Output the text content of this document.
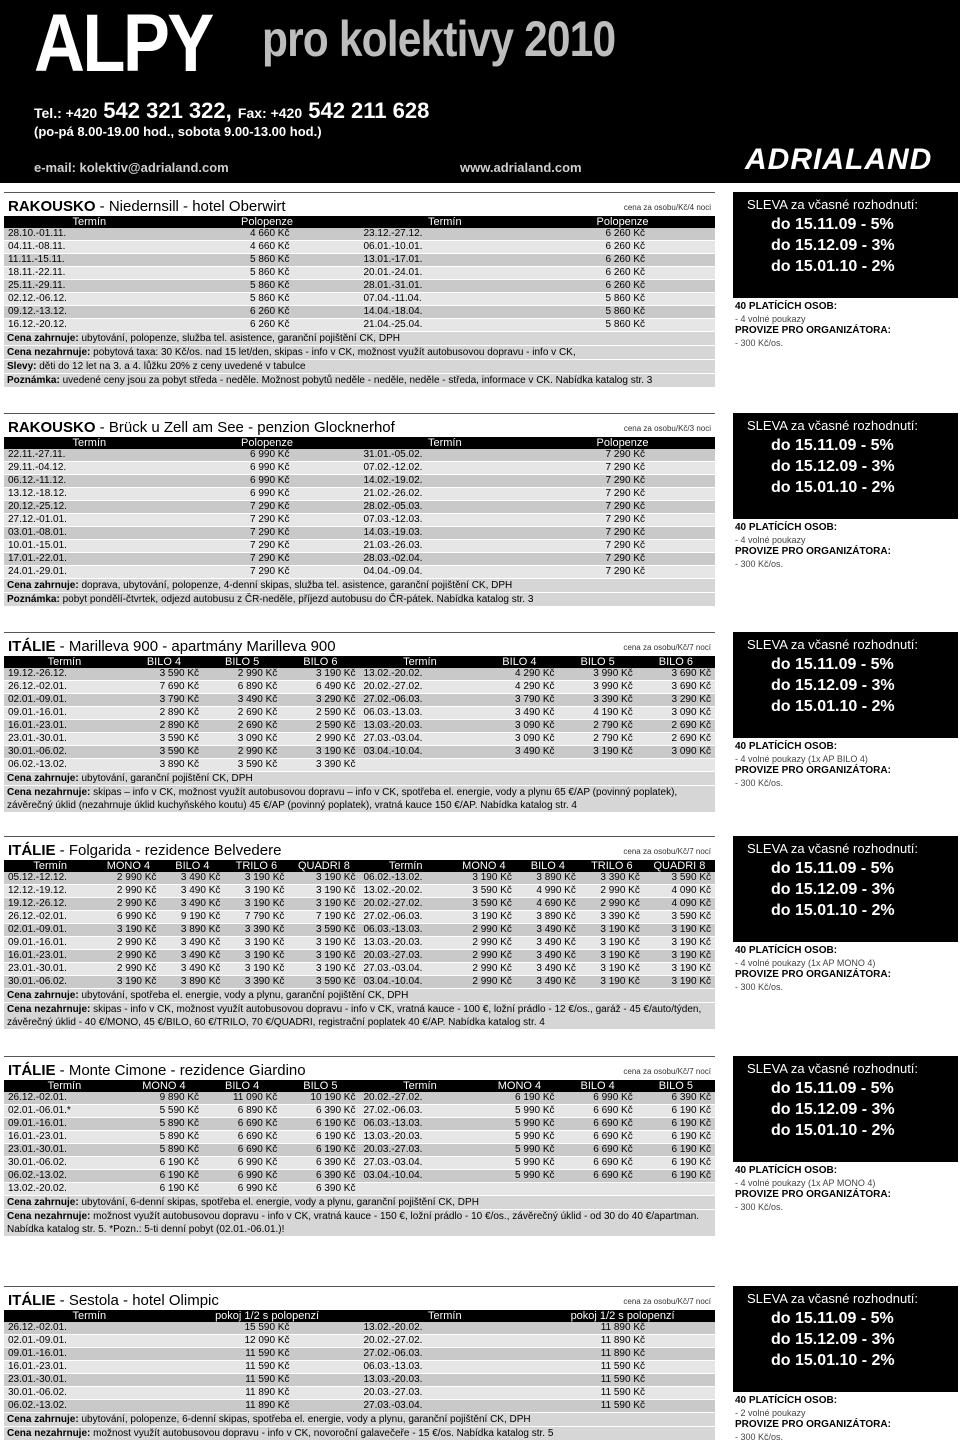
ALPY pro kolektivy 2010
Tel.: +420 542 321 322, Fax: +420 542 211 628
(po-pá 8.00-19.00 hod., sobota 9.00-13.00 hod.)
e-mail: kolektiv@adrialand.com	www.adrialand.com	ADRIALAND
RAKOUSKO - Niedernsill - hotel Oberwirt	cena za osobu/Kč/4 noci
Termín	Polopenze	Termín	Polopenze
28.10.-01.11.	4 660 Kč	23.12.-27.12.	6 260 Kč
04.11.-08.11.	4 660 Kč	06.01.-10.01.	6 260 Kč
11.11.-15.11.	5 860 Kč	13.01.-17.01.	6 260 Kč
18.11.-22.11.	5 860 Kč	20.01.-24.01.	6 260 Kč
25.11.-29.11.	5 860 Kč	28.01.-31.01.	6 260 Kč
02.12.-06.12.	5 860 Kč	07.04.-11.04.	5 860 Kč
09.12.-13.12.	6 260 Kč	14.04.-18.04.	5 860 Kč
16.12.-20.12.	6 260 Kč	21.04.-25.04.	5 860 Kč
Cena zahrnuje: ubytování, polopenze, služba tel. asistence, garanční pojištění CK, DPH
Cena nezahrnuje: pobytová taxa: 30 Kč/os. nad 15 let/den, skipas - info v CK, možnost využít autobusovou dopravu - info v CK,
Slevy: děti do 12 let na 3. a 4. lůžku 20% z ceny uvedené v tabulce
Poznámka: uvedené ceny jsou za pobyt středa - neděle. Možnost pobytů neděle - neděle, neděle - středa, informace v CK. Nabídka katalog str. 3
SLEVA za včasné rozhodnutí:
do 15.11.09 - 5%
do 15.12.09 - 3%
do 15.01.10 - 2%
40 PLATÍCÍCH OSOB:
- 4 volné poukazy
PROVIZE PRO ORGANIZÁTORA:
- 300 Kč/os.
RAKOUSKO - Brück u Zell am See - penzion Glocknerhof	cena za osobu/Kč/3 noci
Termín	Polopenze	Termín	Polopenze
22.11.-27.11.	6 990 Kč	31.01.-05.02.	7 290 Kč
29.11.-04.12.	6 990 Kč	07.02.-12.02.	7 290 Kč
06.12.-11.12.	6 990 Kč	14.02.-19.02.	7 290 Kč
13.12.-18.12.	6 990 Kč	21.02.-26.02.	7 290 Kč
20.12.-25.12.	7 290 Kč	28.02.-05.03.	7 290 Kč
27.12.-01.01.	7 290 Kč	07.03.-12.03.	7 290 Kč
03.01.-08.01.	7 290 Kč	14.03.-19.03.	7 290 Kč
10.01.-15.01.	7 290 Kč	21.03.-26.03.	7 290 Kč
17.01.-22.01.	7 290 Kč	28.03.-02.04.	7 290 Kč
24.01.-29.01.	7 290 Kč	04.04.-09.04.	7 290 Kč
Cena zahrnuje: doprava, ubytování, polopenze, 4-denní skipas, služba tel. asistence, garanční pojištění CK, DPH
Poznámka: pobyt pondělí-čtvrtek, odjezd autobusu z ČR-neděle, příjezd autobusu do ČR-pátek. Nabídka katalog str. 3
SLEVA za včasné rozhodnutí:
do 15.11.09 - 5%
do 15.12.09 - 3%
do 15.01.10 - 2%
40 PLATÍCÍCH OSOB:
- 4 volné poukazy
PROVIZE PRO ORGANIZÁTORA:
- 300 Kč/os.
ITÁLIE - Marilleva 900 - apartmány Marilleva 900	cena za osobu/Kč/7 nocí
Termín	BILO 4	BILO 5	BILO 6	Termín	BILO 4	BILO 5	BILO 6
19.12.-26.12.	3 590 Kč	2 990 Kč	3 190 Kč	13.02.-20.02.	4 290 Kč	3 990 Kč	3 690 Kč
26.12.-02.01.	7 690 Kč	6 890 Kč	6 490 Kč	20.02.-27.02.	4 290 Kč	3 990 Kč	3 690 Kč
02.01.-09.01.	3 790 Kč	3 490 Kč	3 290 Kč	27.02.-06.03.	3 790 Kč	3 390 Kč	3 290 Kč
09.01.-16.01.	2 890 Kč	2 690 Kč	2 590 Kč	06.03.-13.03.	3 490 Kč	4 190 Kč	3 090 Kč
16.01.-23.01.	2 890 Kč	2 690 Kč	2 590 Kč	13.03.-20.03.	3 090 Kč	2 790 Kč	2 690 Kč
23.01.-30.01.	3 590 Kč	3 090 Kč	2 990 Kč	27.03.-03.04.	3 090 Kč	2 790 Kč	2 690 Kč
30.01.-06.02.	3 590 Kč	2 990 Kč	3 190 Kč	03.04.-10.04.	3 490 Kč	3 190 Kč	3 090 Kč
06.02.-13.02.	3 890 Kč	3 590 Kč	3 390 Kč				
Cena zahrnuje: ubytování, garanční pojištění CK, DPH
Cena nezahrnuje: skipas – info v CK, možnost využít autobusovou dopravu – info v CK, spotřeba el. energie, vody a plynu 65 €/AP (povinný poplatek), závěrečný úklid (nezahrnuje úklid kuchyňského koutu) 45 €/AP (povinný poplatek), vratná kauce 150 €/AP. Nabídka katalog str. 4
SLEVA za včasné rozhodnutí:
do 15.11.09 - 5%
do 15.12.09 - 3%
do 15.01.10 - 2%
40 PLATÍCÍCH OSOB:
- 4 volné poukazy (1x AP BILO 4)
PROVIZE PRO ORGANIZÁTORA:
- 300 Kč/os.
ITÁLIE - Folgarida - rezidence Belvedere	cena za osobu/Kč/7 nocí
Termín	MONO 4	BILO 4	TRILO 6	QUADRI 8	Termín	MONO 4	BILO 4	TRILO 6	QUADRI 8
05.12.-12.12.	2 990 Kč	3 490 Kč	3 190 Kč	3 190 Kč	06.02.-13.02.	3 190 Kč	3 890 Kč	3 390 Kč	3 590 Kč
12.12.-19.12.	2 990 Kč	3 490 Kč	3 190 Kč	3 190 Kč	13.02.-20.02.	3 590 Kč	4 990 Kč	2 990 Kč	4 090 Kč
19.12.-26.12.	2 990 Kč	3 490 Kč	3 190 Kč	3 190 Kč	20.02.-27.02.	3 590 Kč	4 690 Kč	2 990 Kč	4 090 Kč
26.12.-02.01.	6 990 Kč	9 190 Kč	7 790 Kč	7 190 Kč	27.02.-06.03.	3 190 Kč	3 890 Kč	3 390 Kč	3 590 Kč
02.01.-09.01.	3 190 Kč	3 890 Kč	3 390 Kč	3 590 Kč	06.03.-13.03.	2 990 Kč	3 490 Kč	3 190 Kč	3 190 Kč
09.01.-16.01.	2 990 Kč	3 490 Kč	3 190 Kč	3 190 Kč	13.03.-20.03.	2 990 Kč	3 490 Kč	3 190 Kč	3 190 Kč
16.01.-23.01.	2 990 Kč	3 490 Kč	3 190 Kč	3 190 Kč	20.03.-27.03.	2 990 Kč	3 490 Kč	3 190 Kč	3 190 Kč
23.01.-30.01.	2 990 Kč	3 490 Kč	3 190 Kč	3 190 Kč	27.03.-03.04.	2 990 Kč	3 490 Kč	3 190 Kč	3 190 Kč
30.01.-06.02.	3 190 Kč	3 890 Kč	3 390 Kč	3 590 Kč	03.04.-10.04.	2 990 Kč	3 490 Kč	3 190 Kč	3 190 Kč
Cena zahrnuje: ubytování, spotřeba el. energie, vody a plynu, garanční pojištění CK, DPH
Cena nezahrnuje: skipas - info v CK, možnost využít autobusovou dopravu - info v CK, vratná kauce - 100 €, ložní prádlo - 12 €/os., garáž - 45 €/auto/týden, závěrečný úklid - 40 €/MONO, 45 €/BILO, 60 €/TRILO, 70 €/QUADRI, registrační poplatek 40 €/AP. Nabídka katalog str. 4
SLEVA za včasné rozhodnutí:
do 15.11.09 - 5%
do 15.12.09 - 3%
do 15.01.10 - 2%
40 PLATÍCÍCH OSOB:
- 4 volné poukazy (1x AP MONO 4)
PROVIZE PRO ORGANIZÁTORA:
- 300 Kč/os.
ITÁLIE - Monte Cimone - rezidence Giardino	cena za osobu/Kč/7 nocí
Termín	MONO 4	BILO 4	BILO 5	Termín	MONO 4	BILO 4	BILO 5
26.12.-02.01.	9 890 Kč	11 090 Kč	10 190 Kč	20.02.-27.02.	6 190 Kč	6 990 Kč	6 390 Kč
02.01.-06.01.*	5 590 Kč	6 890 Kč	6 390 Kč	27.02.-06.03.	5 990 Kč	6 690 Kč	6 190 Kč
09.01.-16.01.	5 890 Kč	6 690 Kč	6 190 Kč	06.03.-13.03.	5 990 Kč	6 690 Kč	6 190 Kč
16.01.-23.01.	5 890 Kč	6 690 Kč	6 190 Kč	13.03.-20.03.	5 990 Kč	6 690 Kč	6 190 Kč
23.01.-30.01.	5 890 Kč	6 690 Kč	6 190 Kč	20.03.-27.03.	5 990 Kč	6 690 Kč	6 190 Kč
30.01.-06.02.	6 190 Kč	6 990 Kč	6 390 Kč	27.03.-03.04.	5 990 Kč	6 690 Kč	6 190 Kč
06.02.-13.02.	6 190 Kč	6 990 Kč	6 390 Kč	03.04.-10.04.	5 990 Kč	6 690 Kč	6 190 Kč
13.02.-20.02.	6 190 Kč	6 990 Kč	6 390 Kč				
Cena zahrnuje: ubytování, 6-denní skipas, spotřeba el. energie, vody a plynu, garanční pojištění CK, DPH
Cena nezahrnuje: možnost využít autobusovou dopravu - info v CK, vratná kauce - 150 €, ložní prádlo - 10 €/os., závěrečný úklid - od 30 do 40 €/apartman. Nabídka katalog str. 5. *Pozn.: 5-ti denní pobyt (02.01.-06.01.)!
SLEVA za včasné rozhodnutí:
do 15.11.09 - 5%
do 15.12.09 - 3%
do 15.01.10 - 2%
40 PLATÍCÍCH OSOB:
- 4 volné poukazy (1x AP MONO 4)
PROVIZE PRO ORGANIZÁTORA:
- 300 Kč/os.
ITÁLIE - Sestola - hotel Olimpic	cena za osobu/Kč/7 nocí
Termín	pokoj 1/2 s polopenzí	Termín	pokoj 1/2 s polopenzí
26.12.-02.01.	15 590 Kč	13.02.-20.02.	11 890 Kč
02.01.-09.01.	12 090 Kč	20.02.-27.02.	11 890 Kč
09.01.-16.01.	11 590 Kč	27.02.-06.03.	11 890 Kč
16.01.-23.01.	11 590 Kč	06.03.-13.03.	11 590 Kč
23.01.-30.01.	11 590 Kč	13.03.-20.03.	11 590 Kč
30.01.-06.02.	11 890 Kč	20.03.-27.03.	11 590 Kč
06.02.-13.02.	11 890 Kč	27.03.-03.04.	11 590 Kč
Cena zahrnuje: ubytování, polopenze, 6-denní skipas, spotřeba el. energie, vody a plynu, garanční pojištění CK, DPH
Cena nezahrnuje: možnost využít autobusovou dopravu - info v CK, novoroční galavečeře - 15 €/os. Nabídka katalog str. 5
SLEVA za včasné rozhodnutí:
do 15.11.09 - 5%
do 15.12.09 - 3%
do 15.01.10 - 2%
40 PLATÍCÍCH OSOB:
- 2 volné poukazy
PROVIZE PRO ORGANIZÁTORA:
- 300 Kč/os.
